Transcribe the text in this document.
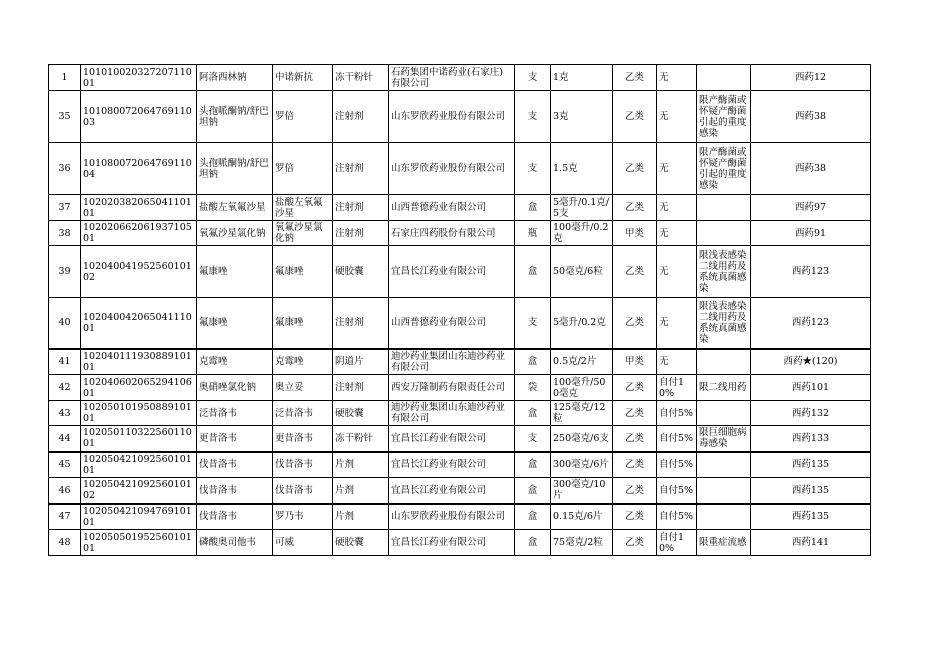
1	10101002032720711001	阿洛西林钠	中诺新抗	冻干粉针	石药集团中诺药业(石家庄)有限公司	支	1克	乙类	无		西药12
35	10108007206476911003	头孢哌酮钠/舒巴坦钠	罗倍	注射剂	山东罗欣药业股份有限公司	支	3克	乙类	无	限产酶菌或怀疑产酶菌引起的重度感染	西药38
36	10108007206476911004	头孢哌酮钠/舒巴坦钠	罗倍	注射剂	山东罗欣药业股份有限公司	支	1.5克	乙类	无	限产酶菌或怀疑产酶菌引起的重度感染	西药38
37	10202038206504110101	盐酸左氧氟沙星	盐酸左氧氟沙星	注射剂	山西普德药业有限公司	盒	5毫升/0.1克/5支	乙类	无		西药97
38	10202066206193710501	氧氟沙星氯化钠	氧氟沙星氯化钠	注射剂	石家庄四药股份有限公司	瓶	100毫升/0.2克	甲类	无		西药91
39	10204004195256010102	氟康唑	氟康唑	硬胶囊	宜昌长江药业有限公司	盒	50毫克/6粒	乙类	无	限浅表感染二线用药及系统真菌感染	西药123
40	10204004206504111001	氟康唑	氟康唑	注射剂	山西普德药业有限公司	支	5毫升/0.2克	乙类	无	限浅表感染二线用药及系统真菌感染	西药123
41	10204011193088910101	克霉唑	克霉唑	阴道片	迪沙药业集团山东迪沙药业有限公司	盒	0.5克/2片	甲类	无		西药★(120)
42	10204060206529410601	奥硝唑氯化钠	奥立妥	注射剂	西安万隆制药有限责任公司	袋	100毫升/500毫克	乙类	自付10%	限二线用药	西药101
43	10205010195088910101	泛昔洛韦	泛昔洛韦	硬胶囊	迪沙药业集团山东迪沙药业有限公司	盒	125毫克/12粒	乙类	自付5%		西药132
44	10205011032256011001	更昔洛韦	更昔洛韦	冻干粉针	宜昌长江药业有限公司	支	250毫克/6支	乙类	自付5%	限巨细胞病毒感染	西药133
45	10205042109256010101	伐昔洛韦	伐昔洛韦	片剂	宜昌长江药业有限公司	盒	300毫克/6片	乙类	自付5%		西药135
46	10205042109256010102	伐昔洛韦	伐昔洛韦	片剂	宜昌长江药业有限公司	盒	300毫克/10片	乙类	自付5%		西药135
47	10205042109476910101	伐昔洛韦	罗乃韦	片剂	山东罗欣药业股份有限公司	盒	0.15克/6片	乙类	自付5%		西药135
48	10205050195256010101	磷酸奥司他韦	可威	硬胶囊	宜昌长江药业有限公司	盒	75毫克/2粒	乙类	自付10%	限重症流感	西药141
